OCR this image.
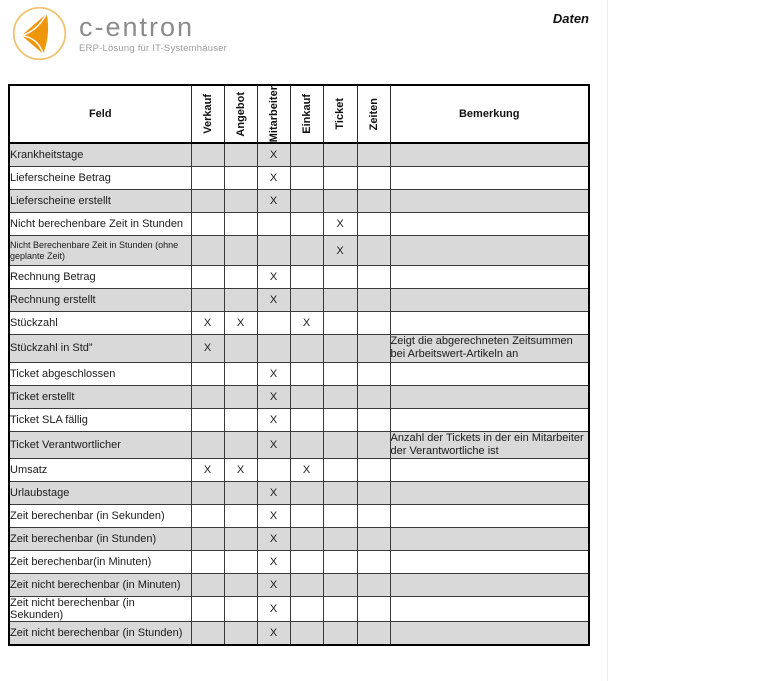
c-entron
ERP-Lösung für IT-Systemhäuser
Daten
Feld	Verkauf	Angebot	Mitarbeiter	Einkauf	Ticket	Zeiten	Bemerkung
Krankheitstage			X				
Lieferscheine Betrag			X				
Lieferscheine erstellt			X				
Nicht berechenbare Zeit in Stunden					X		
Nicht Berechenbare Zeit in Stunden (ohne geplante Zeit)					X		
Rechnung Betrag			X				
Rechnung erstellt			X				
Stückzahl	X	X		X			
Stückzahl in Std”	X						Zeigt die abgerechneten Zeitsummen bei Arbeitswert-Artikeln an
Ticket abgeschlossen			X				
Ticket erstellt			X				
Ticket SLA fällig			X				
Ticket Verantwortlicher			X				Anzahl der Tickets in der ein Mitarbeiter der Verantwortliche ist
Umsatz	X	X		X			
Urlaubstage			X				
Zeit berechenbar (in Sekunden)			X				
Zeit berechenbar (in Stunden)			X				
Zeit berechenbar(in Minuten)			X				
Zeit nicht berechenbar (in Minuten)			X				
Zeit nicht berechenbar (in Sekunden)			X				
Zeit nicht berechenbar (in Stunden)			X				
